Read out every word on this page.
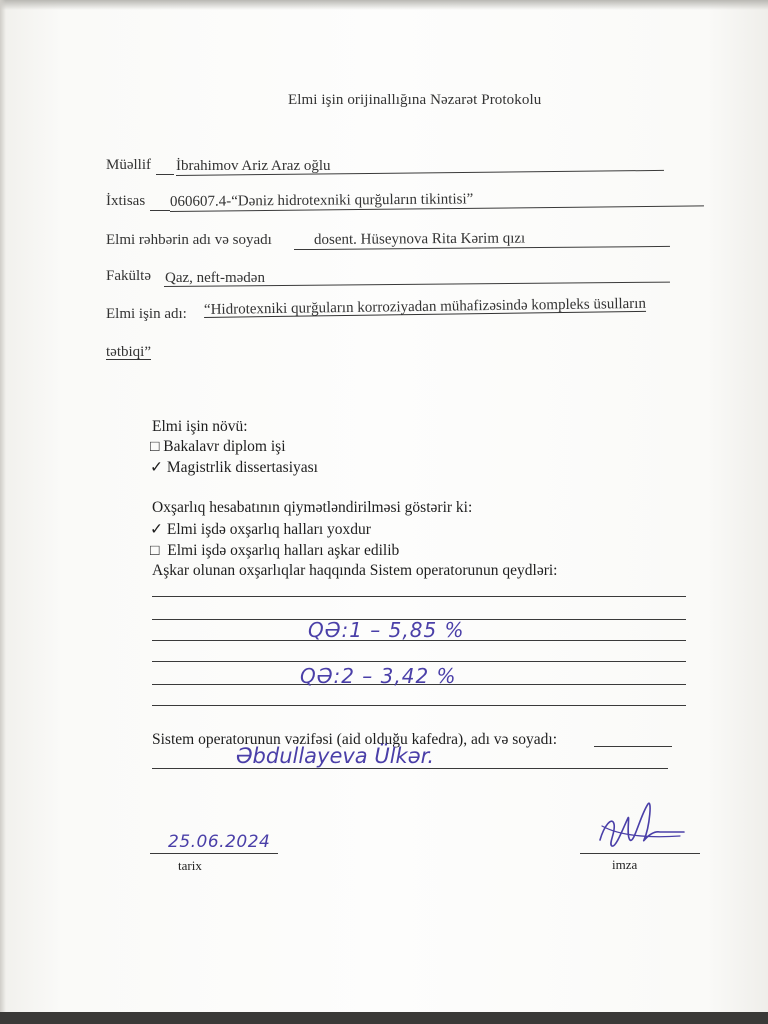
Elmi işin orijinallığına Nəzarət Protokolu
Müəllif İbrahimov Ariz Araz oğlu
İxtisas 060607.4-“Dəniz hidrotexniki qurğuların tikintisi”
Elmi rəhbərin adı və soyadı	dosent. Hüseynova Rita Kərim qızı
Fakültə Qaz, neft-mədən
Elmi işin adı: “Hidrotexniki qurğuların korroziyadan mühafizəsində kompleks üsulların
tətbiqi”
Elmi işin növü:
□ Bakalavr diplom işi
✓ Magistrlik dissertasiyası
Oxşarlıq hesabatının qiymətləndirilməsi göstərir ki:
✓ Elmi işdə oxşarlıq halları yoxdur
□ Elmi işdə oxşarlıq halları aşkar edilib
Aşkar olunan oxşarlıqlar haqqında Sistem operatorunun qeydləri:
QƏ:1 – 5,85 %
QƏ:2 – 3,42 %
Sistem operatorunun vəzifəsi (aid olduğu kafedra), adı və soyadı:
Əbdullayeva Ülkər.
25.06.2024
tarix	imza
